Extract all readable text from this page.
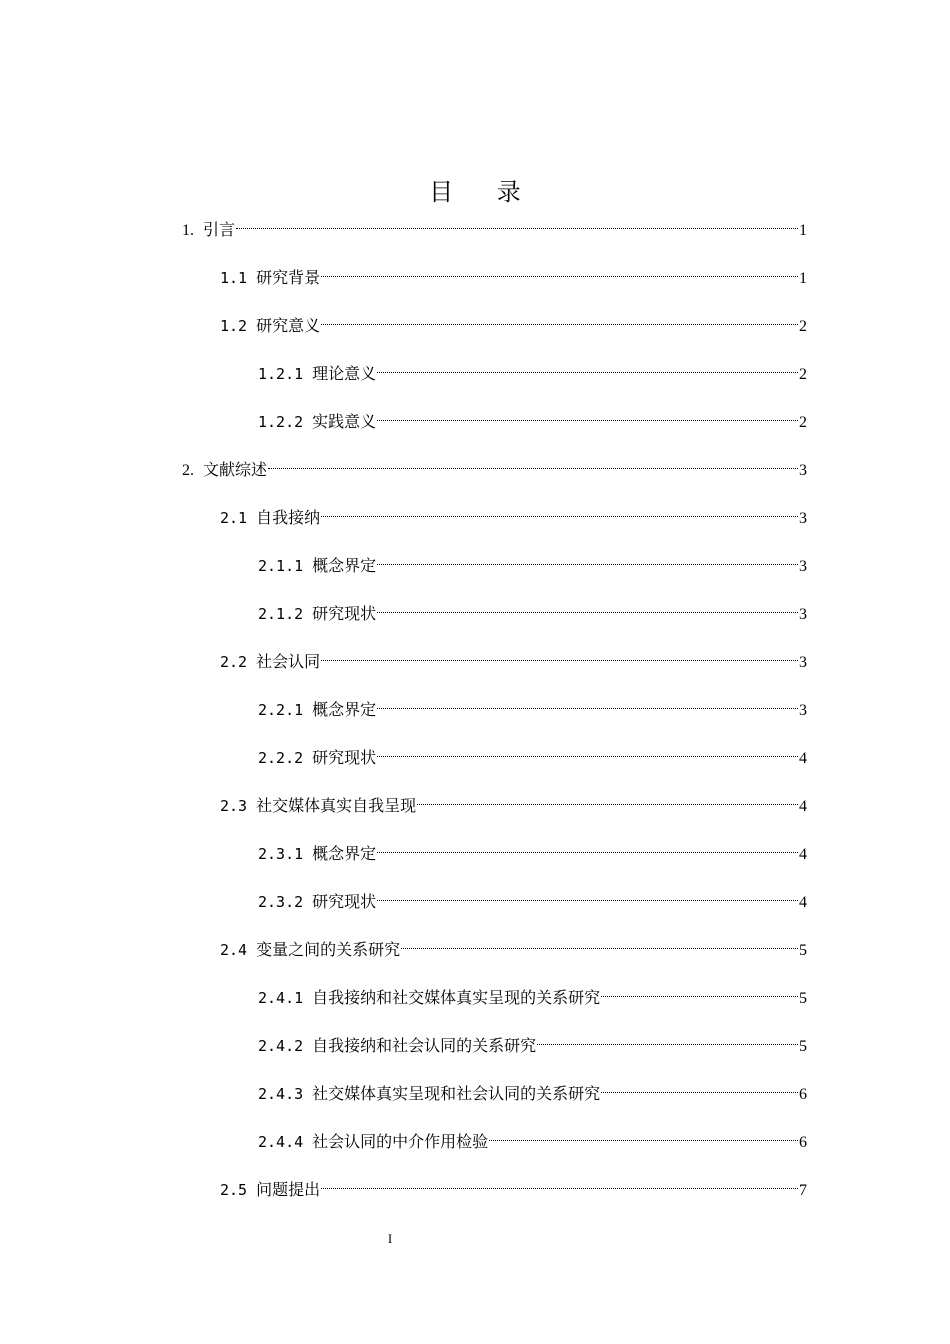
目 录
1. 引言	1
1.1 研究背景	1
1.2 研究意义	2
1.2.1 理论意义	2
1.2.2 实践意义	2
2. 文献综述	3
2.1 自我接纳	3
2.1.1 概念界定	3
2.1.2 研究现状	3
2.2 社会认同	3
2.2.1 概念界定	3
2.2.2 研究现状	4
2.3 社交媒体真实自我呈现	4
2.3.1 概念界定	4
2.3.2 研究现状	4
2.4 变量之间的关系研究	5
2.4.1 自我接纳和社交媒体真实呈现的关系研究	5
2.4.2 自我接纳和社会认同的关系研究	5
2.4.3 社交媒体真实呈现和社会认同的关系研究	6
2.4.4 社会认同的中介作用检验	6
2.5 问题提出	7
I
